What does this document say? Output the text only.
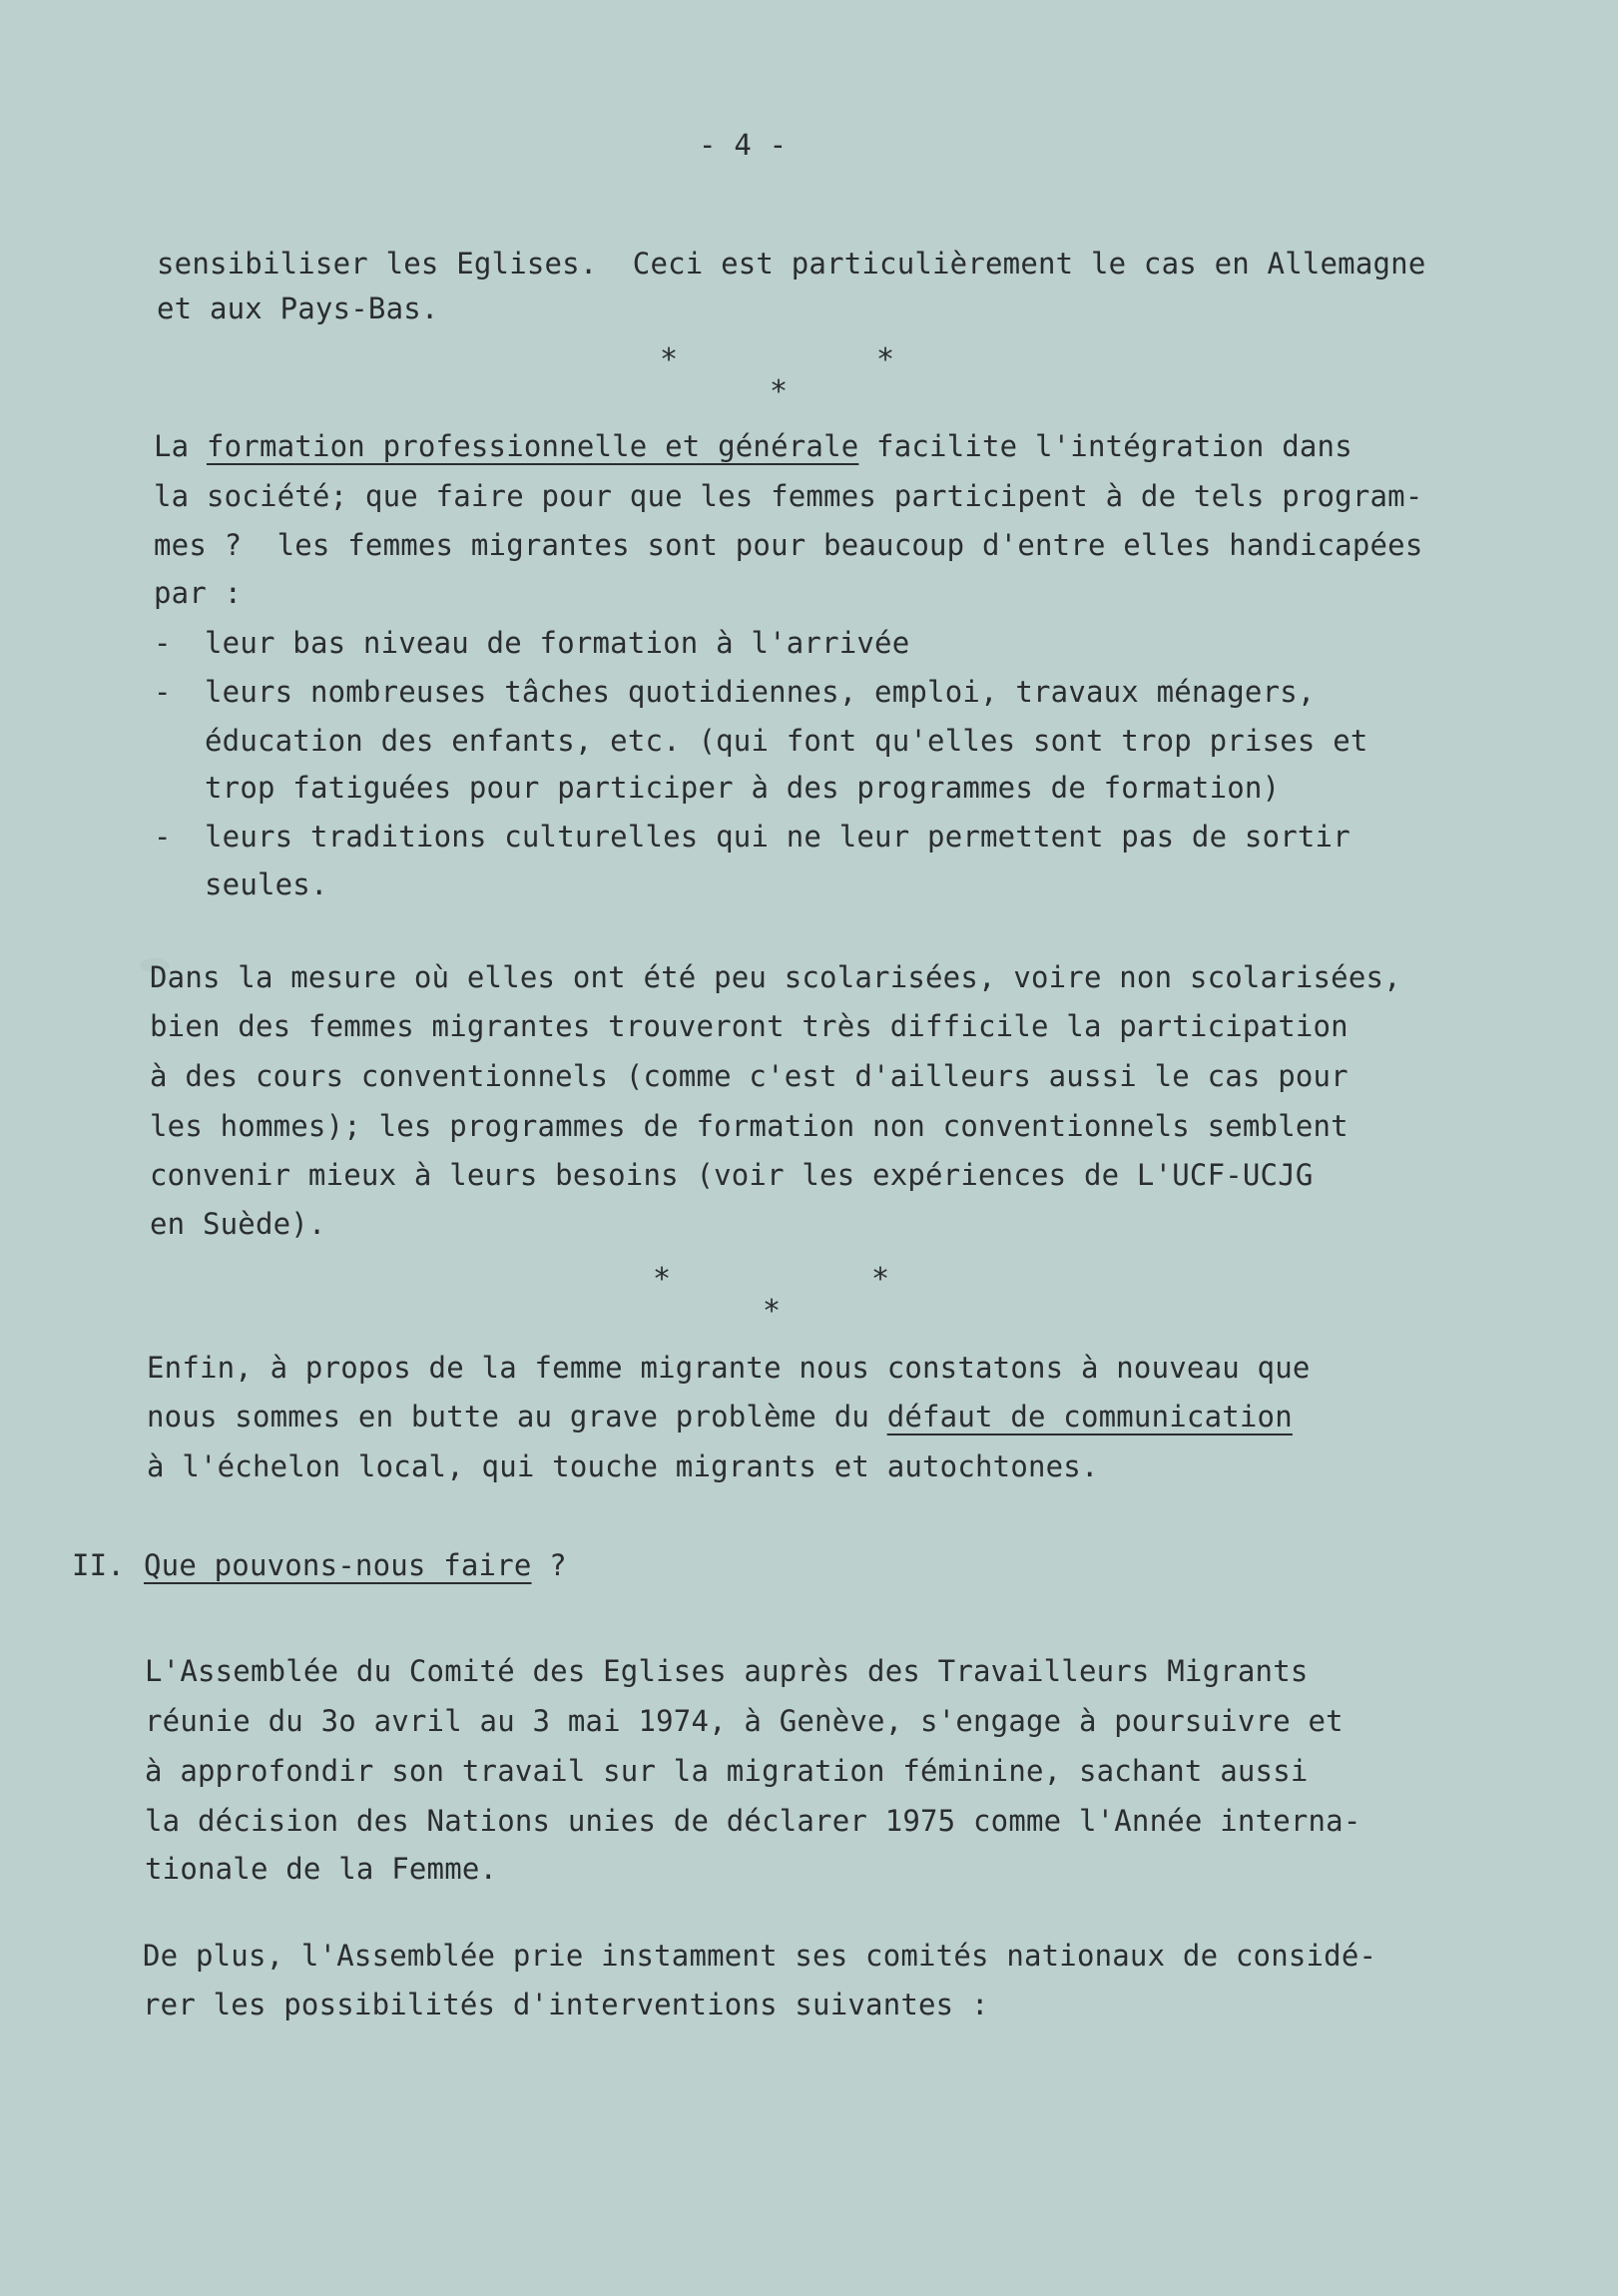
- 4 -
sensibiliser les Eglises.  Ceci est particulièrement le cas en Allemagne
et aux Pays-Bas.
*	*
*
La formation professionnelle et générale facilite l'intégration dans
la société; que faire pour que les femmes participent à de tels program-
mes ?  les femmes migrantes sont pour beaucoup d'entre elles handicapées
par :
- leur bas niveau de formation à l'arrivée
- leurs nombreuses tâches quotidiennes, emploi, travaux ménagers,
éducation des enfants, etc. (qui font qu'elles sont trop prises et
trop fatiguées pour participer à des programmes de formation)
- leurs traditions culturelles qui ne leur permettent pas de sortir
seules.
Dans la mesure où elles ont été peu scolarisées, voire non scolarisées,
bien des femmes migrantes trouveront très difficile la participation
à des cours conventionnels (comme c'est d'ailleurs aussi le cas pour
les hommes); les programmes de formation non conventionnels semblent
convenir mieux à leurs besoins (voir les expériences de L'UCF-UCJG
en Suède).
*	*
*
Enfin, à propos de la femme migrante nous constatons à nouveau que
nous sommes en butte au grave problème du défaut de communication
à l'échelon local, qui touche migrants et autochtones.
II. Que pouvons-nous faire ?
L'Assemblée du Comité des Eglises auprès des Travailleurs Migrants
réunie du 3o avril au 3 mai 1974, à Genève, s'engage à poursuivre et
à approfondir son travail sur la migration féminine, sachant aussi
la décision des Nations unies de déclarer 1975 comme l'Année interna-
tionale de la Femme.
De plus, l'Assemblée prie instamment ses comités nationaux de considé-
rer les possibilités d'interventions suivantes :
